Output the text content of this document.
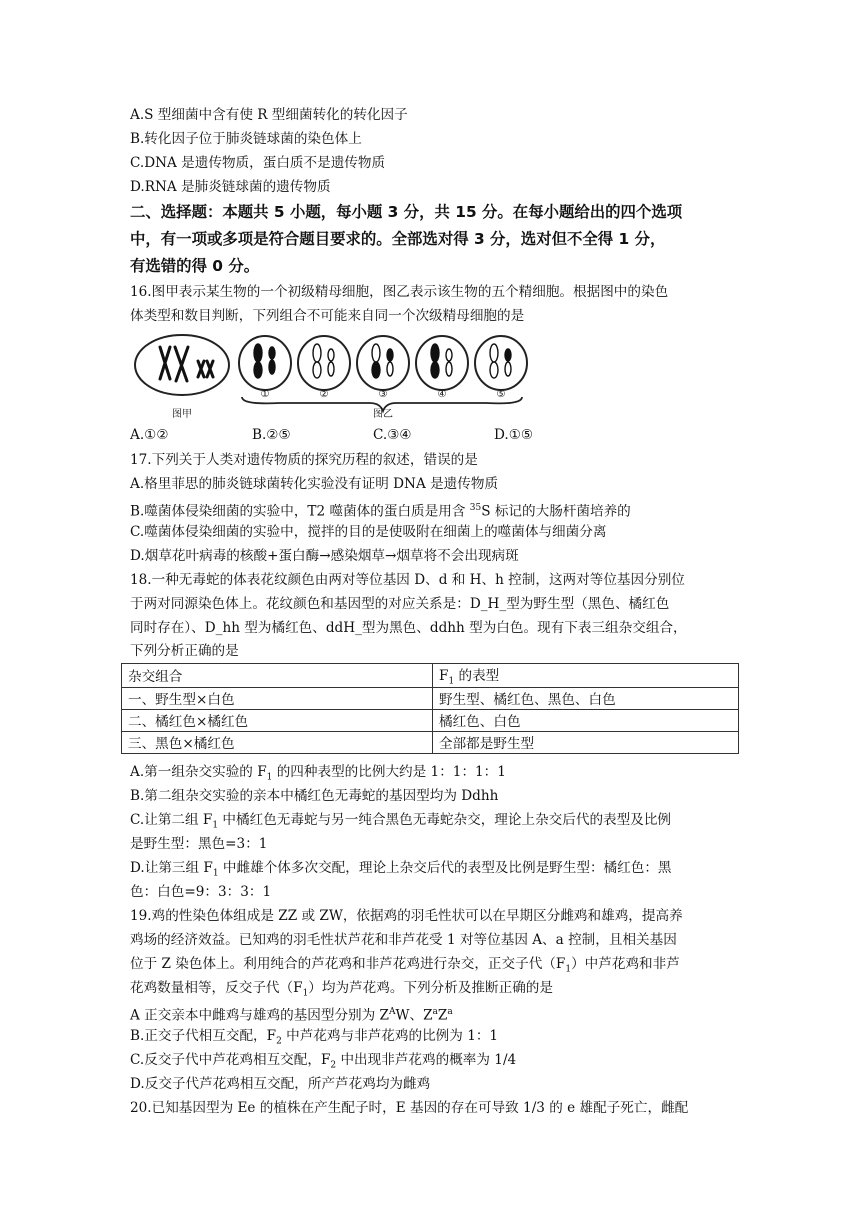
A.S 型细菌中含有使 R 型细菌转化的转化因子
B.转化因子位于肺炎链球菌的染色体上
C.DNA 是遗传物质，蛋白质不是遗传物质
D.RNA 是肺炎链球菌的遗传物质
二、选择题：本题共 5 小题，每小题 3 分，共 15 分。在每小题给出的四个选项
中，有一项或多项是符合题目要求的。全部选对得 3 分，选对但不全得 1 分，
有选错的得 0 分。
16.图甲表示某生物的一个初级精母细胞，图乙表示该生物的五个精细胞。根据图中的染色
体类型和数目判断，下列组合不可能来自同一个次级精母细胞的是
①	②	③	④	⑤
图甲	图乙
A.①②	B.②⑤	C.③④	D.①⑤
17.下列关于人类对遗传物质的探究历程的叙述，错误的是
A.格里菲思的肺炎链球菌转化实验没有证明 DNA 是遗传物质
B.噬菌体侵染细菌的实验中，T2 噬菌体的蛋白质是用含 $^{35}$S 标记的大肠杆菌培养的
C.噬菌体侵染细菌的实验中，搅拌的目的是使吸附在细菌上的噬菌体与细菌分离
D.烟草花叶病毒的核酸+蛋白酶→感染烟草→烟草将不会出现病斑
18.一种无毒蛇的体表花纹颜色由两对等位基因 D、d 和 H、h 控制，这两对等位基因分别位
于两对同源染色体上。花纹颜色和基因型的对应关系是：D_H_型为野生型（黑色、橘红色
同时存在）、D_hh 型为橘红色、ddH_型为黑色、ddhh 型为白色。现有下表三组杂交组合，
下列分析正确的是
杂交组合	$F_1$ 的表型
一、野生型×白色	野生型、橘红色、黑色、白色
二、橘红色×橘红色	橘红色、白色
三、黑色×橘红色	全部都是野生型
A.第一组杂交实验的 $F_1$ 的四种表型的比例大约是 1：1：1：1
B.第二组杂交实验的亲本中橘红色无毒蛇的基因型均为 Ddhh
C.让第二组 $F_1$ 中橘红色无毒蛇与另一纯合黑色无毒蛇杂交，理论上杂交后代的表型及比例
是野生型：黑色=3：1
D.让第三组 $F_1$ 中雌雄个体多次交配，理论上杂交后代的表型及比例是野生型：橘红色：黑
色：白色=9：3：3：1
19.鸡的性染色体组成是 ZZ 或 ZW，依据鸡的羽毛性状可以在早期区分雌鸡和雄鸡，提高养
鸡场的经济效益。已知鸡的羽毛性状芦花和非芦花受 1 对等位基因 A、a 控制，且相关基因
位于 Z 染色体上。利用纯合的芦花鸡和非芦花鸡进行杂交，正交子代$(F_1)$中芦花鸡和非芦
花鸡数量相等，反交子代$(F_1)$均为芦花鸡。下列分析及推断正确的是
A 正交亲本中雌鸡与雄鸡的基因型分别为 $Z^AW$、$Z^aZ^a$
B.正交子代相互交配，$F_2$ 中芦花鸡与非芦花鸡的比例为 1：1
C.反交子代中芦花鸡相互交配，$F_2$ 中出现非芦花鸡的概率为 1/4
D.反交子代芦花鸡相互交配，所产芦花鸡均为雌鸡
20.已知基因型为 Ee 的植株在产生配子时，E 基因的存在可导致 1/3 的 e 雄配子死亡，雌配
